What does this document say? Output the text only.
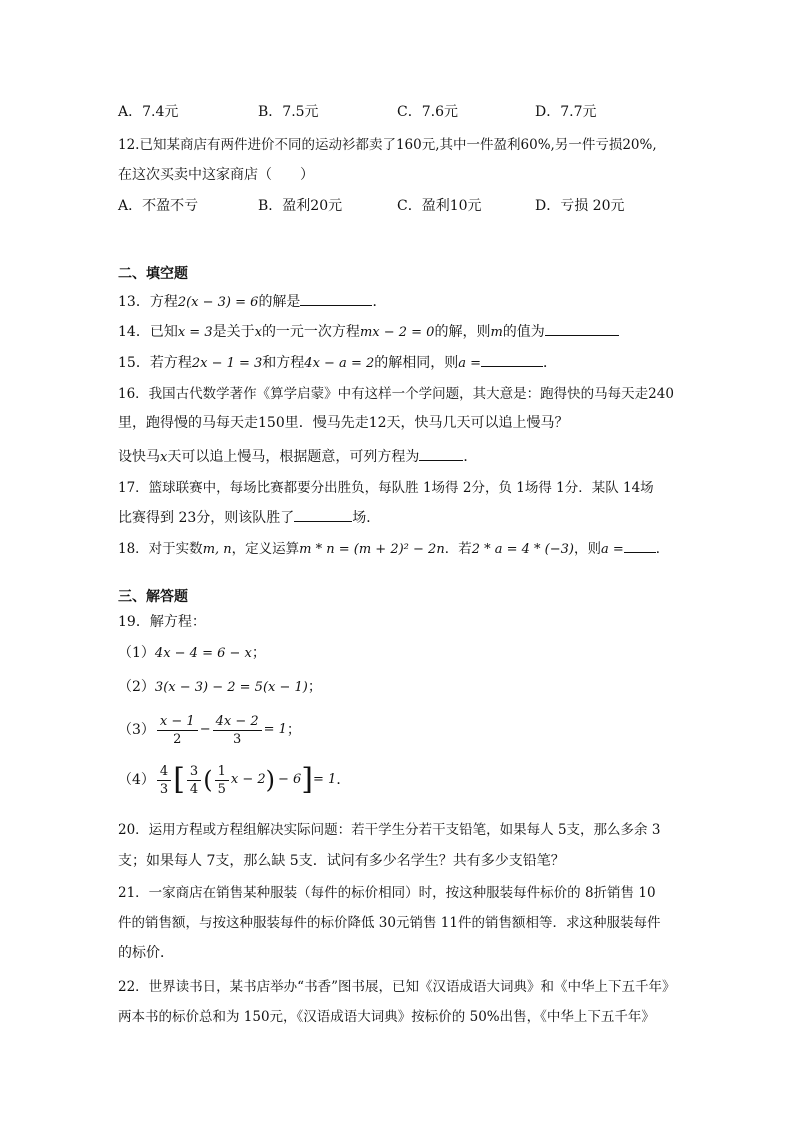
A．7.4元	B．7.5元	C．7.6元	D．7.7元
12.已知某商店有两件进价不同的运动衫都卖了160元,其中一件盈利60%,另一件亏损20%,
在这次买卖中这家商店（　　）
A．不盈不亏	B．盈利20元	C．盈利10元	D．亏损 20元
二、填空题
13．方程2(x − 3) = 6的解是	．
14．已知x = 3是关于x的一元一次方程mx − 2 = 0的解，则m的值为
15．若方程2x − 1 = 3和方程4x − a = 2的解相同，则a =	．
16．我国古代数学著作《算学启蒙》中有这样一个学问题，其大意是：跑得快的马每天走240
里，跑得慢的马每天走150里．慢马先走12天，快马几天可以追上慢马？
设快马x天可以追上慢马，根据题意，可列方程为	．
17．篮球联赛中，每场比赛都要分出胜负，每队胜 1场得 2分，负 1场得 1分．某队 14场
比赛得到 23分，则该队胜了	场．
18．对于实数m, n，定义运算m * n = (m + 2)² − 2n．若2 * a = 4 * (−3)，则a = ．
三、解答题
19．解方程：
（1）4x − 4 = 6 − x；
（2）3(x − 3) − 2 = 5(x − 1)；
$(3) \frac{x - 1}{2} - \frac{4x - 2}{3} = 1$ ；
$(4) \frac{4}{3}$ [ $\frac{3}{4}$ ( $\frac{1}{5}$ x − 2 ) − 6 ] = 1 ．
20．运用方程或方程组解决实际问题：若干学生分若干支铅笔，如果每人 5支，那么多余 3
支；如果每人 7支，那么缺 5支．试问有多少名学生？共有多少支铅笔？
21．一家商店在销售某种服装（每件的标价相同）时，按这种服装每件标价的 8折销售 10
件的销售额，与按这种服装每件的标价降低 30元销售 11件的销售额相等．求这种服装每件
的标价．
22．世界读书日，某书店举办“书香”图书展，已知《汉语成语大词典》和《中华上下五千年》
两本书的标价总和为 150元，《汉语成语大词典》按标价的 50%出售，《中华上下五千年》
